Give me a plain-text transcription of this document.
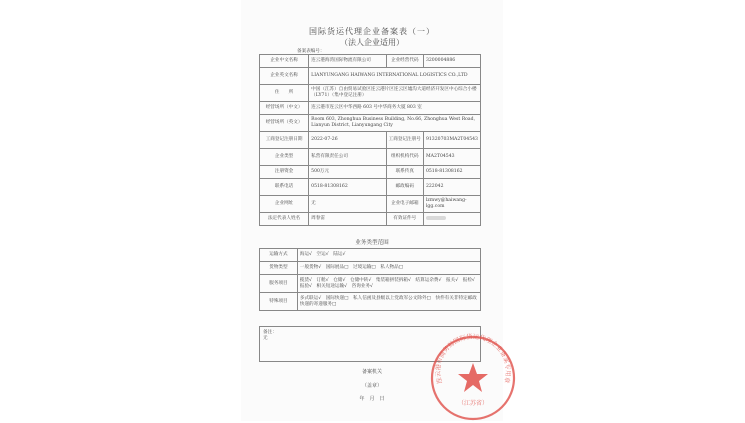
国际货运代理企业备案表（一）
（法人企业适用）
备案表编号：
企业中文名称	连云港海湾国际物流有限公司	企业经营代码	3200004886
企业英文名称	LIANYUNGANG HAIWANG INTERNATIONAL LOGISTICS CO.,LTD		
住　　所	中国（江苏）自由贸易试验区连云港片区连云区墟沟大道经济开发区中心综合小楼（LY71）（集中登记注册）		
经营场所（中文）	连云港市连云区中华西路 603 号中华商务大厦 803 室		
经营场所（英文）	Room 603, Zhonghua Business Building, No.66, Zhonghua West Road, Lianyun District, Lianyungang City		
工商登记注册日期	2022-07-26	工商登记注册号	91320703MA2T04543
企业类型	私营有限责任公司	组织机构代码	MA2T04543
注册资金	500万元	联系传真	0518-81308162
联系电话	0518-81308162	邮政编码	222042
企业网址	无	企业电子邮箱	lzmwy@haiwang-lgg.com
法定代表人姓名	周春雷	有效证件号	
业务类型范围
运输方式	海运√　空运√　陆运√
货物类型	一般货物√　国际展品□　过境运输□　私人物品□
服务项目	揽货√　订舱√　仓储√　仓储中转√　集装箱拼装拆箱√　结算运杂费√　报关√　报检√　报验√　相关短途运输√　咨询业务√
特殊项目	多式联运√　国际快递□　私人信函及县级以上党政军公文除外□　快件有关非特定邮政快递的寄递服务□
备注：
无
备案机关
（盖章）
年　月　日
连云港市商务局国际货运代理企业备案专用章
（江苏省）
